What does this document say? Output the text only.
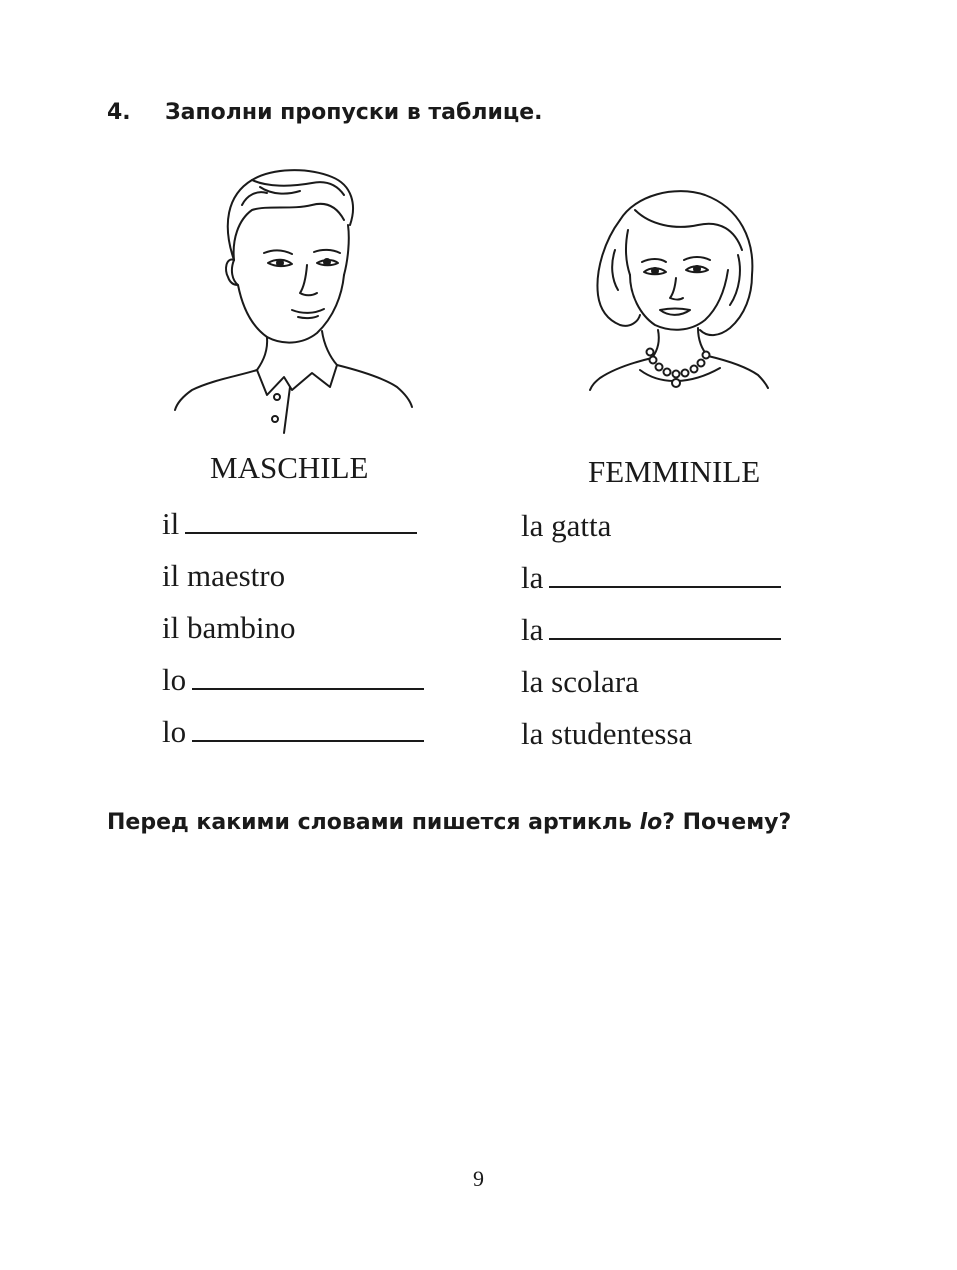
4. Заполни пропуски в таблице.
MASCHILE	FEMMINILE
il
il maestro
il bambino
lo
lo
la gatta
la
la
la scolara
la studentessa
Перед какими словами пишется артикль lo? Почему?
9
